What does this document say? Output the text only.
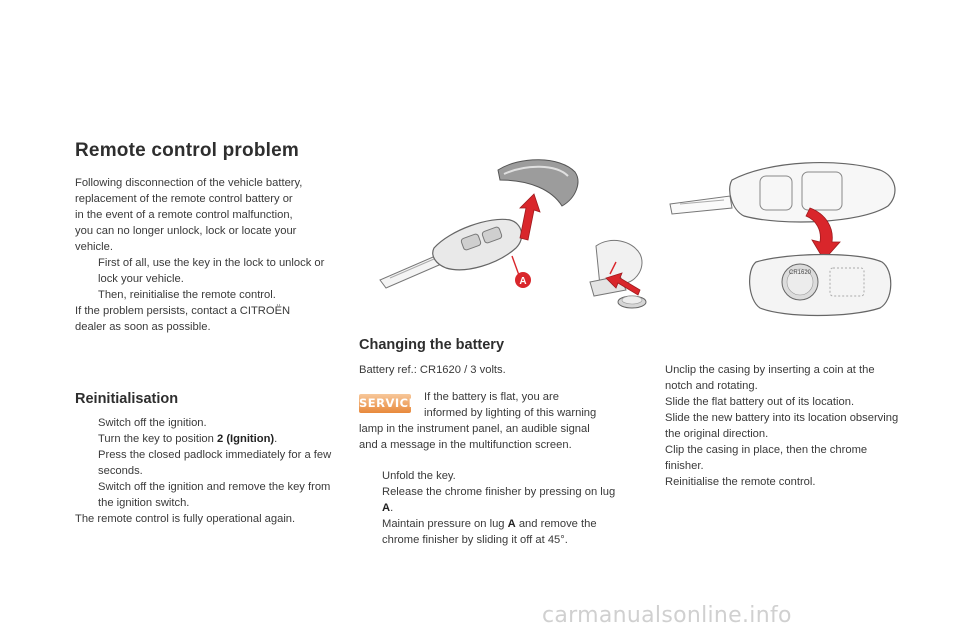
Remote control problem

Following disconnection of the vehicle battery,

replacement of the remote control battery or

in the event of a remote control malfunction,

you can no longer unlock, lock or locate your

vehicle.

First of all, use the key in the lock to unlock or lock your vehicle.
Then, reinitialise the remote control.

If the problem persists, contact a CITROËN

dealer as soon as possible.

Reinitialisation
Switch off the ignition.
Turn the key to position 2 (Ignition).
Press the closed padlock immediately for a few seconds.
Switch off the ignition and remove the key from the ignition switch.

The remote control is fully operational again.

Changing the battery
Battery ref.: CR1620 / 3 volts.
SERVICE If the battery is flat, you are

informed by lighting of this warning

lamp in the instrument panel, an audible signal

and a message in the multifunction screen.

Unfold the key.
Release the chrome finisher by pressing on lug A.
Maintain pressure on lug A and remove the chrome finisher by sliding it off at 45°.
Unclip the casing by inserting a coin at the notch and rotating.
Slide the flat battery out of its location.
Slide the new battery into its location observing the original direction.
Clip the casing in place, then the chrome finisher.
Reinitialise the remote control.
A
CR1620
carmanualsonline.info
